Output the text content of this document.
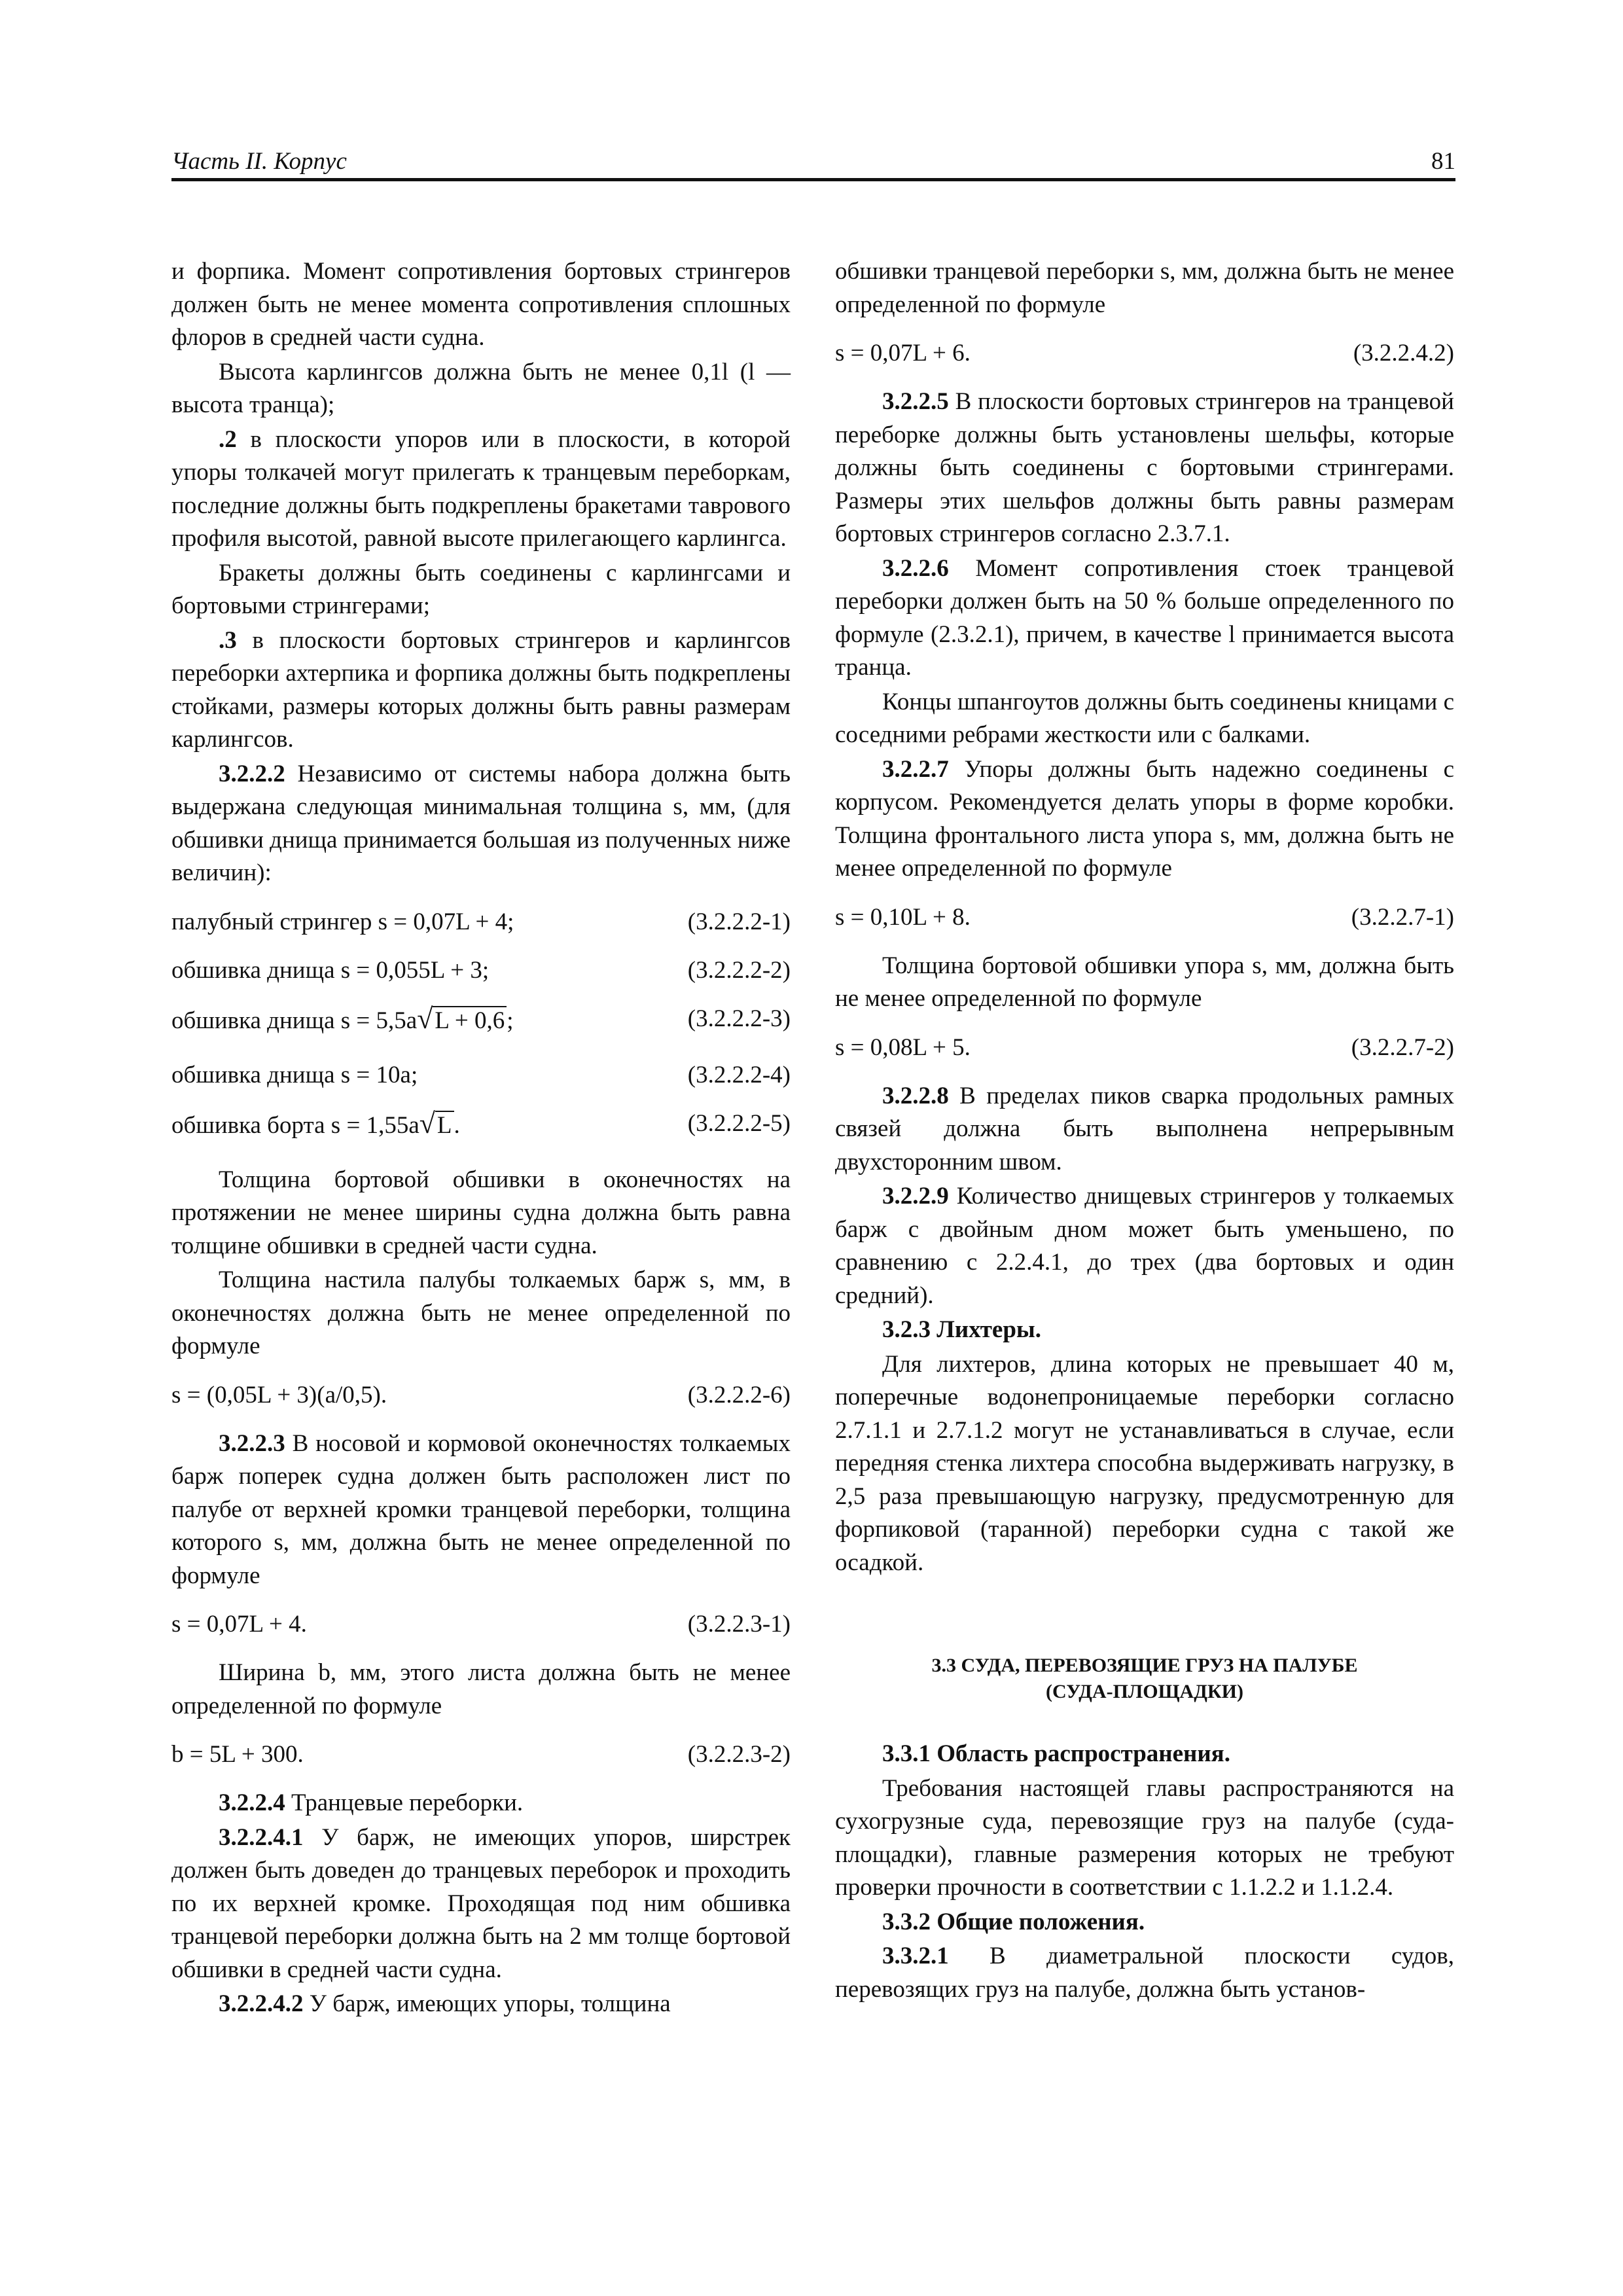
Часть II. Корпус	81

и форпика. Момент сопротивления бортовых стрингеров должен быть не менее момента сопротивления сплошных флоров в средней части судна.

Высота карлингсов должна быть не менее 0,1l (l — высота транца);

.2 в плоскости упоров или в плоскости, в которой упоры толкачей могут прилегать к транцевым переборкам, последние должны быть подкреплены бракетами таврового профиля высотой, равной высоте прилегающего карлингса.

Бракеты должны быть соединены с карлингсами и бортовыми стрингерами;

.3 в плоскости бортовых стрингеров и карлингсов переборки ахтерпика и форпика должны быть подкреплены стойками, размеры которых должны быть равны размерам карлингсов.

3.2.2.2 Независимо от системы набора должна быть выдержана следующая минимальная толщина s, мм, (для обшивки днища принимается большая из полученных ниже величин):

палубный стрингер s = 0,07L + 4;	(3.2.2.2-1)
обшивка днища s = 0,055L + 3;	(3.2.2.2-2)
обшивка днища s = 5,5a√L + 0,6;	(3.2.2.2-3)
обшивка днища s = 10a;	(3.2.2.2-4)
обшивка борта s = 1,55a√L.	(3.2.2.2-5)

Толщина бортовой обшивки в оконечностях на протяжении не менее ширины судна должна быть равна толщине обшивки в средней части судна.

Толщина настила палубы толкаемых барж s, мм, в оконечностях должна быть не менее определенной по формуле

s = (0,05L + 3)(a/0,5).	(3.2.2.2-6)

3.2.2.3 В носовой и кормовой оконечностях толкаемых барж поперек судна должен быть расположен лист по палубе от верхней кромки транцевой переборки, толщина которого s, мм, должна быть не менее определенной по формуле

s = 0,07L + 4.	(3.2.2.3-1)

Ширина b, мм, этого листа должна быть не менее определенной по формуле

b = 5L + 300.	(3.2.2.3-2)

3.2.2.4 Транцевые переборки.

3.2.2.4.1 У барж, не имеющих упоров, ширстрек должен быть доведен до транцевых переборок и проходить по их верхней кромке. Проходящая под ним обшивка транцевой переборки должна быть на 2 мм толще бортовой обшивки в средней части судна.

3.2.2.4.2 У барж, имеющих упоры, толщина

обшивки транцевой переборки s, мм, должна быть не менее определенной по формуле

s = 0,07L + 6.	(3.2.2.4.2)

3.2.2.5 В плоскости бортовых стрингеров на транцевой переборке должны быть установлены шельфы, которые должны быть соединены с бортовыми стрингерами. Размеры этих шельфов должны быть равны размерам бортовых стрингеров согласно 2.3.7.1.

3.2.2.6 Момент сопротивления стоек транцевой переборки должен быть на 50 % больше определенного по формуле (2.3.2.1), причем, в качестве l принимается высота транца.

Концы шпангоутов должны быть соединены кницами с соседними ребрами жесткости или с балками.

3.2.2.7 Упоры должны быть надежно соединены с корпусом. Рекомендуется делать упоры в форме коробки. Толщина фронтального листа упора s, мм, должна быть не менее определенной по формуле

s = 0,10L + 8.	(3.2.2.7-1)

Толщина бортовой обшивки упора s, мм, должна быть не менее определенной по формуле

s = 0,08L + 5.	(3.2.2.7-2)

3.2.2.8 В пределах пиков сварка продольных рамных связей должна быть выполнена непрерывным двухсторонним швом.

3.2.2.9 Количество днищевых стрингеров у толкаемых барж с двойным дном может быть уменьшено, по сравнению с 2.2.4.1, до трех (два бортовых и один средний).

3.2.3 Лихтеры.

Для лихтеров, длина которых не превышает 40 м, поперечные водонепроницаемые переборки согласно 2.7.1.1 и 2.7.1.2 могут не устанавливаться в случае, если передняя стенка лихтера способна выдерживать нагрузку, в 2,5 раза превышающую нагрузку, предусмотренную для форпиковой (таранной) переборки судна с такой же осадкой.

3.3 СУДА, ПЕРЕВОЗЯЩИЕ ГРУЗ НА ПАЛУБЕ
(СУДА-ПЛОЩАДКИ)

3.3.1 Область распространения.

Требования настоящей главы распространяются на сухогрузные суда, перевозящие груз на палубе (суда-площадки), главные размерения которых не требуют проверки прочности в соответствии с 1.1.2.2 и 1.1.2.4.

3.3.2 Общие положения.

3.3.2.1 В диаметральной плоскости судов, перевозящих груз на палубе, должна быть установ-
